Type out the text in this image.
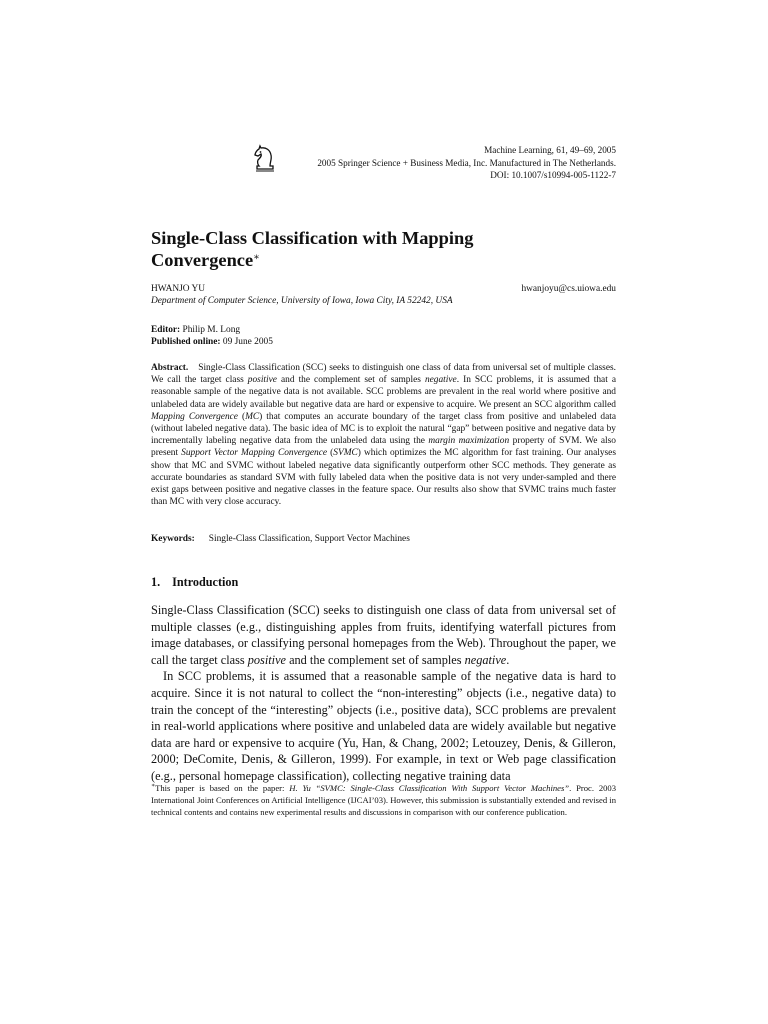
Machine Learning, 61, 49–69, 2005
2005 Springer Science + Business Media, Inc. Manufactured in The Netherlands.
DOI: 10.1007/s10994-005-1122-7
Single-Class Classification with Mapping
Convergence∗
HWANJO YU	hwanjoyu@cs.uiowa.edu
Department of Computer Science, University of Iowa, Iowa City, IA 52242, USA
Editor: Philip M. Long
Published online: 09 June 2005

Abstract. Single-Class Classification (SCC) seeks to distinguish one class of data from universal set of multiple classes. We call the target class positive and the complement set of samples negative. In SCC problems, it is assumed that a reasonable sample of the negative data is not available. SCC problems are prevalent in the real world where positive and unlabeled data are widely available but negative data are hard or expensive to acquire. We present an SCC algorithm called Mapping Convergence (MC) that computes an accurate boundary of the target class from positive and unlabeled data (without labeled negative data). The basic idea of MC is to exploit the natural “gap” between positive and negative data by incrementally labeling negative data from the unlabeled data using the margin maximization property of SVM. We also present Support Vector Mapping Convergence (SVMC) which optimizes the MC algorithm for fast training. Our analyses show that MC and SVMC without labeled negative data significantly outperform other SCC methods. They generate as accurate boundaries as standard SVM with fully labeled data when the positive data is not very under-sampled and there exist gaps between positive and negative classes in the feature space. Our results also show that SVMC trains much faster than MC with very close accuracy.

Keywords: Single-Class Classification, Support Vector Machines
1. Introduction

Single-Class Classification (SCC) seeks to distinguish one class of data from universal set of multiple classes (e.g., distinguishing apples from fruits, identifying waterfall pictures from image databases, or classifying personal homepages from the Web). Throughout the paper, we call the target class positive and the complement set of samples negative.

In SCC problems, it is assumed that a reasonable sample of the negative data is hard to acquire. Since it is not natural to collect the “non-interesting” objects (i.e., negative data) to train the concept of the “interesting” objects (i.e., positive data), SCC problems are prevalent in real-world applications where positive and unlabeled data are widely available but negative data are hard or expensive to acquire (Yu, Han, & Chang, 2002; Letouzey, Denis, & Gilleron, 2000; DeComite, Denis, & Gilleron, 1999). For example, in text or Web page classification (e.g., personal homepage classification), collecting negative training data

∗This paper is based on the paper: H. Yu “SVMC: Single-Class Classification With Support Vector Machines”. Proc. 2003 International Joint Conferences on Artificial Intelligence (IJCAI’03). However, this submission is substantially extended and revised in technical contents and contains new experimental results and discussions in comparison with our conference publication.
